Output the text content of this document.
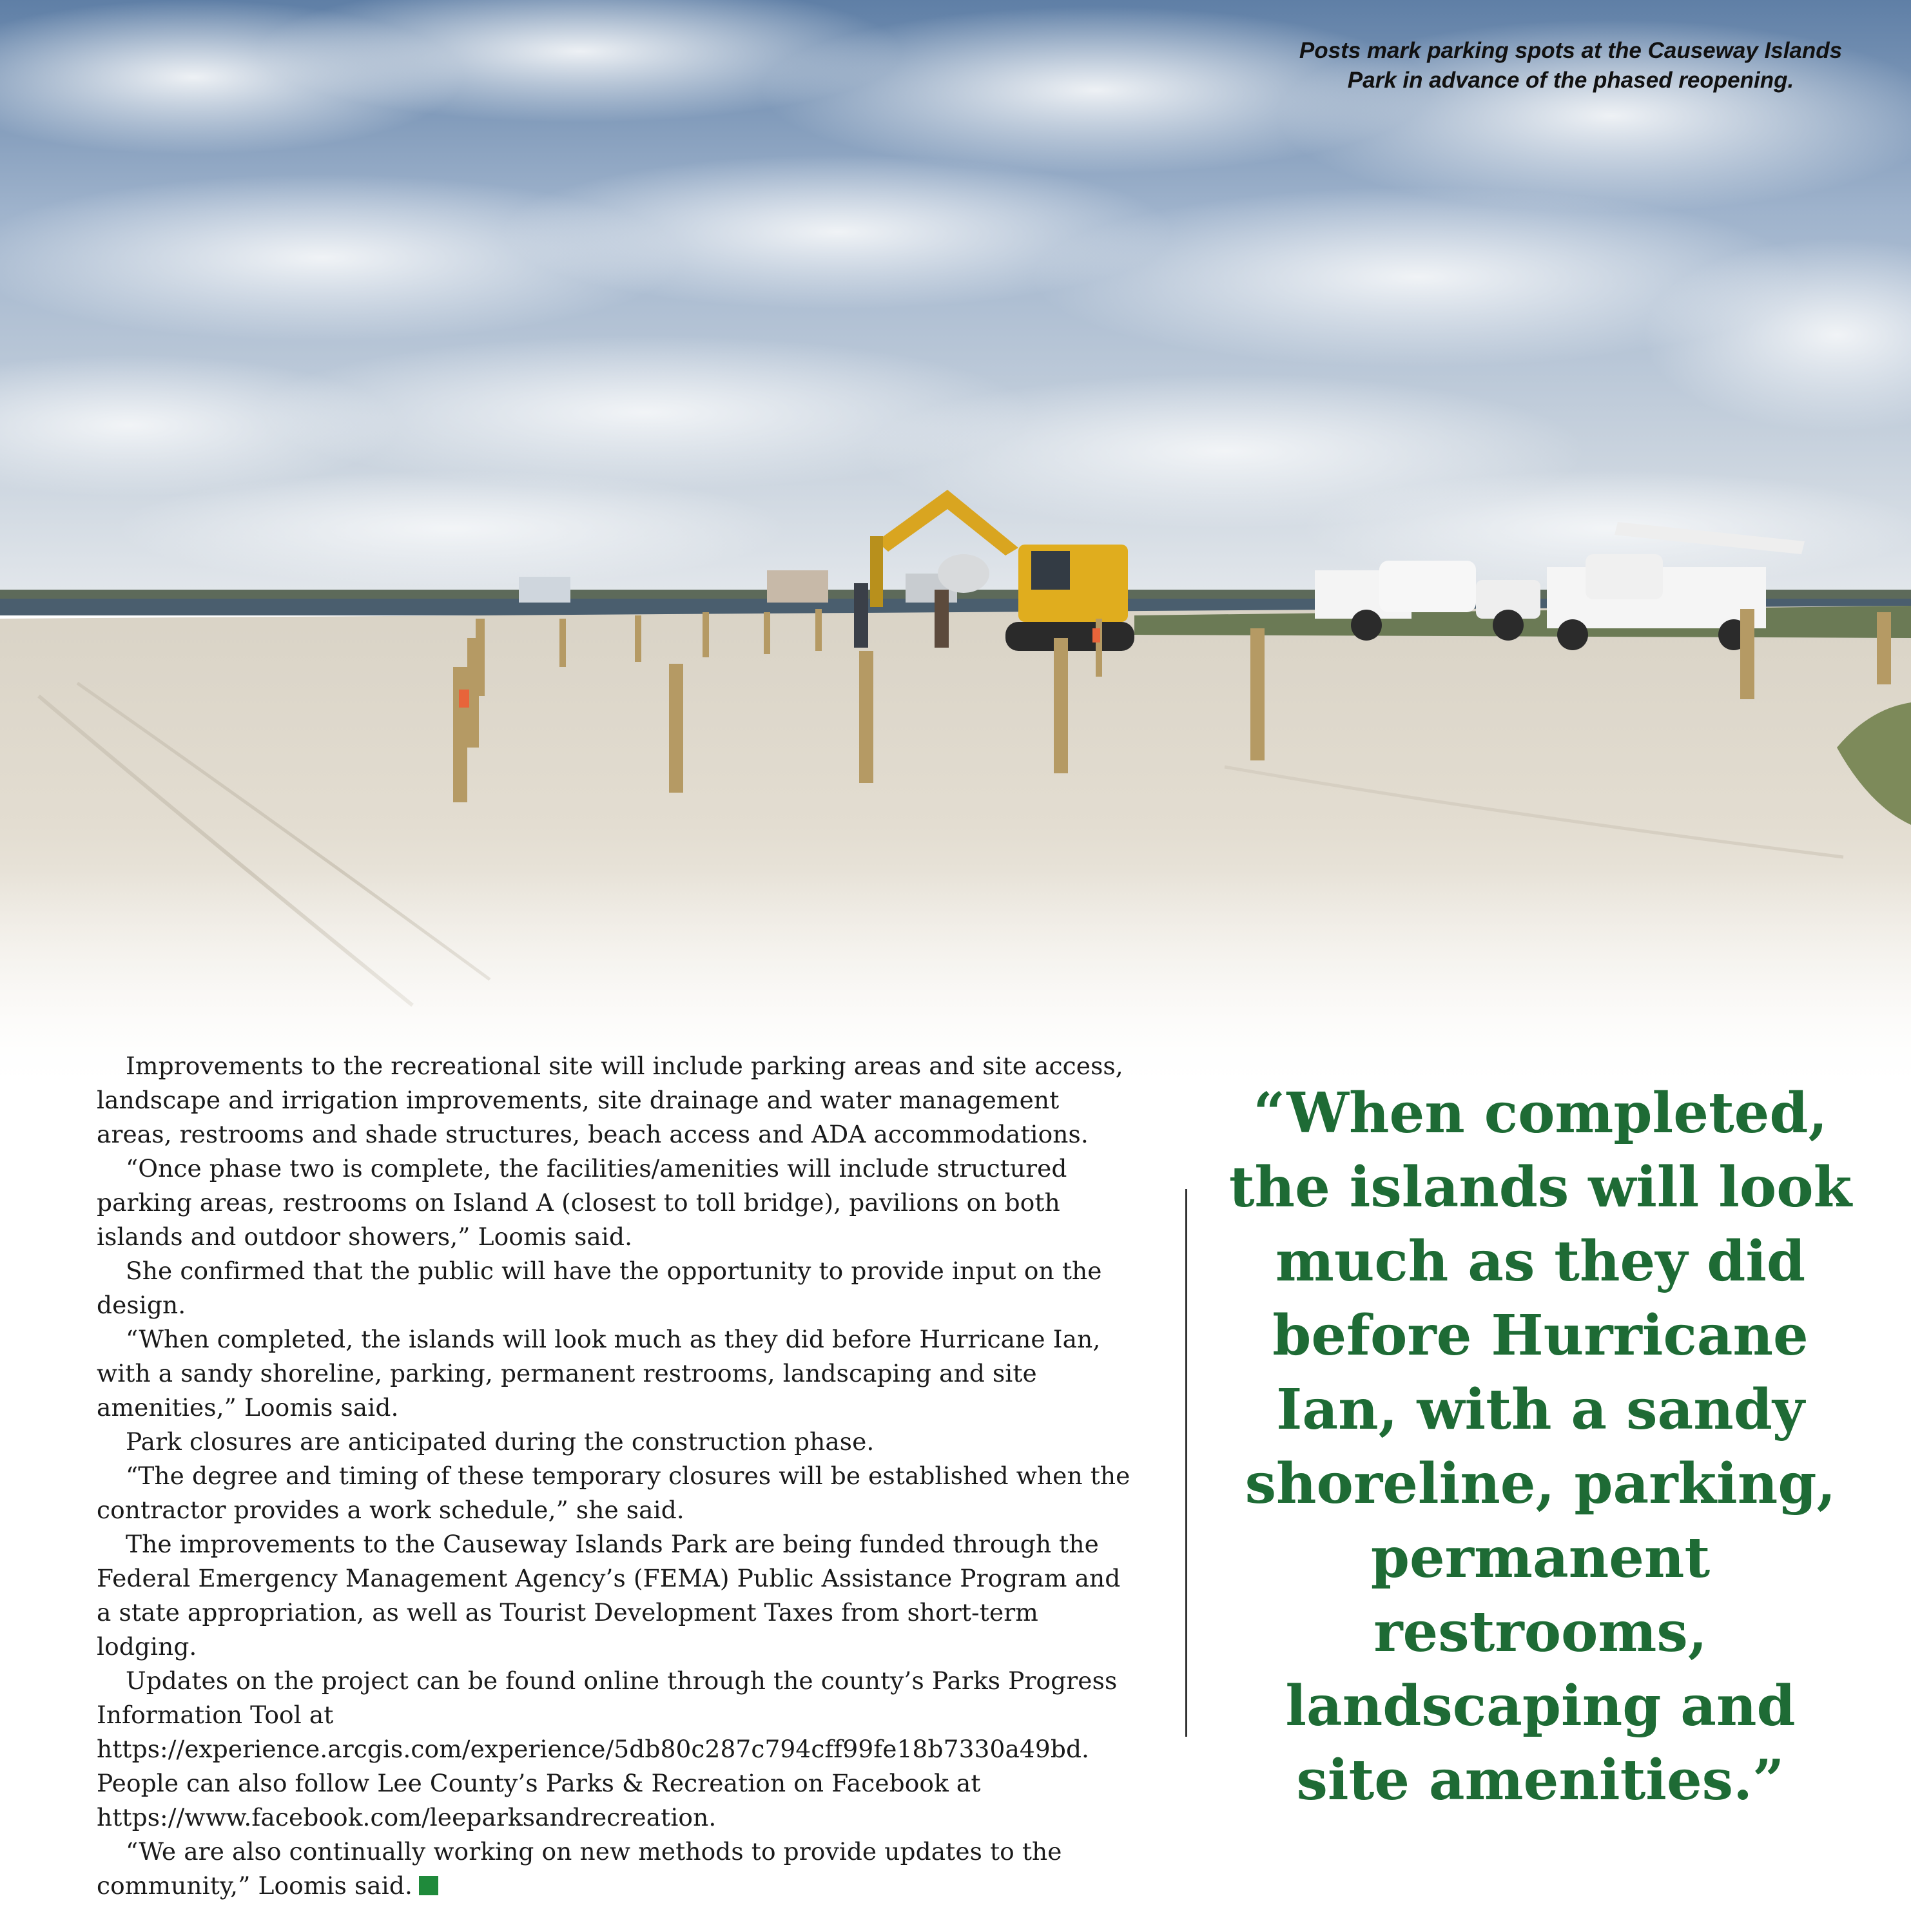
Posts mark parking spots at the Causeway Islands
Park in advance of the phased reopening.

Improvements to the recreational site will include parking areas and site access, landscape and irrigation improvements, site drainage and water management areas, restrooms and shade structures, beach access and ADA accommodations.

“Once phase two is complete, the facilities/amenities will include structured parking areas, restrooms on Island A (closest to toll bridge), pavilions on both islands and outdoor showers,” Loomis said.

She confirmed that the public will have the opportunity to provide input on the design.

“When completed, the islands will look much as they did before Hurricane Ian, with a sandy shoreline, parking, permanent restrooms, landscaping and site amenities,” Loomis said.

Park closures are anticipated during the construction phase.

“The degree and timing of these temporary closures will be established when the contractor provides a work schedule,” she said.

The improvements to the Causeway Islands Park are being funded through the Federal Emergency Management Agency’s (FEMA) Public Assistance Program and a state appropriation, as well as Tourist Development Taxes from short-term lodging.

Updates on the project can be found online through the county’s Parks Progress Information Tool at https://experience.arcgis.com/experience/5db80c287c794cff99fe18b7330a49bd. People can also follow Lee County’s Parks & Recreation on Facebook at https://www.facebook.com/leeparksandrecreation.

“We are also continually working on new methods to provide updates to the community,” Loomis said.

“When completed,
the islands will look
much as they did
before Hurricane
Ian, with a sandy
shoreline, parking,
permanent
restrooms,
landscaping and
site amenities.”
